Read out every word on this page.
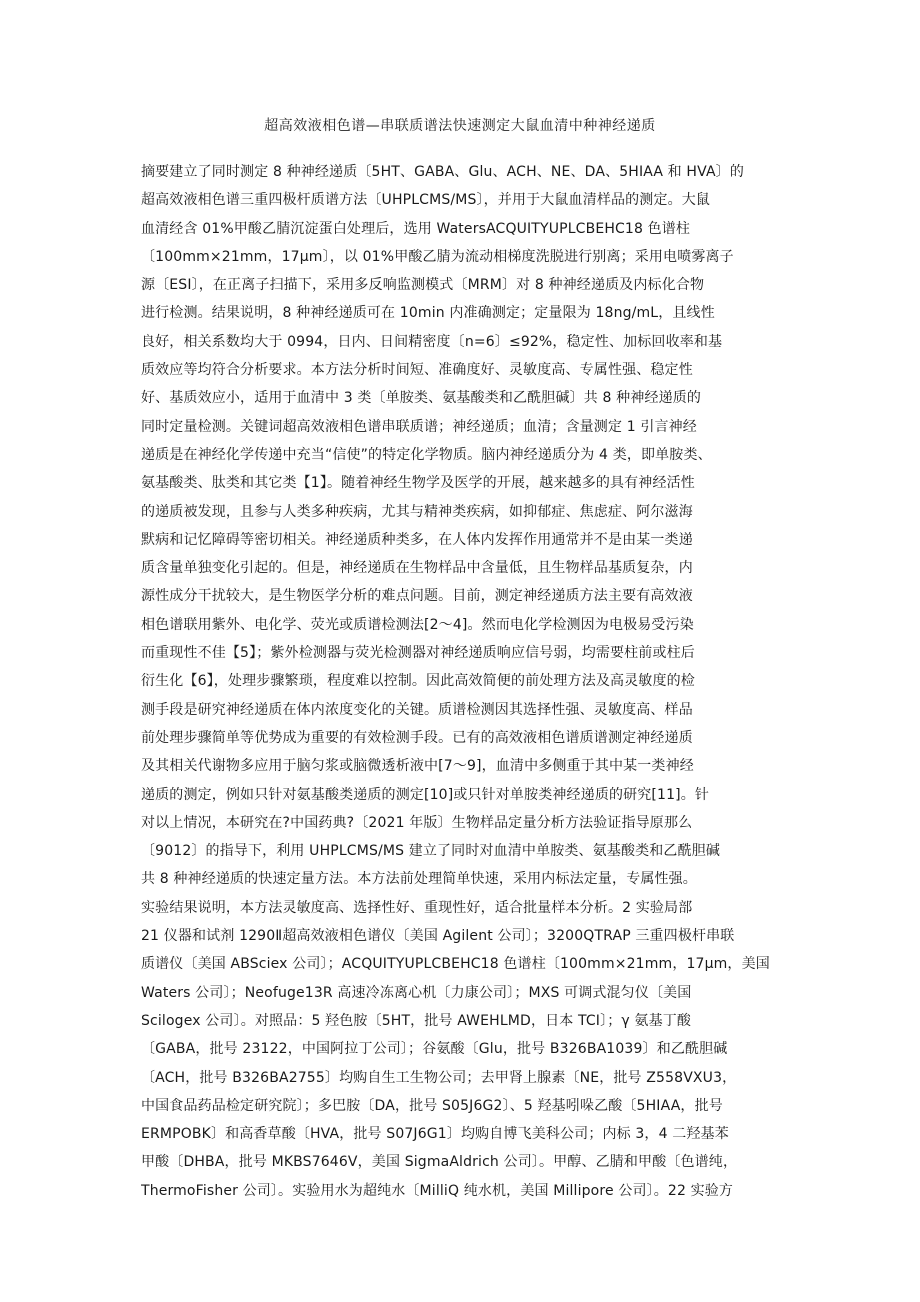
超高效液相色谱—串联质谱法快速测定大鼠血清中种神经递质
摘要建立了同时测定 8 种神经递质〔5HT、GABA、Glu、ACH、NE、DA、5HIAA 和 HVA〕的
超高效液相色谱三重四极杆质谱方法〔UHPLCMS/MS〕，并用于大鼠血清样品的测定。大鼠
血清经含 01%甲酸乙腈沉淀蛋白处理后，选用 WatersACQUITYUPLCBEHC18 色谱柱
〔100mm×21mm，17μm〕，以 01%甲酸乙腈为流动相梯度洗脱进行别离；采用电喷雾离子
源〔ESI〕，在正离子扫描下，采用多反响监测模式〔MRM〕对 8 种神经递质及内标化合物
进行检测。结果说明，8 种神经递质可在 10min 内准确测定；定量限为 18ng/mL，且线性
良好，相关系数均大于 0994，日内、日间精密度〔n=6〕≤92%，稳定性、加标回收率和基
质效应等均符合分析要求。本方法分析时间短、准确度好、灵敏度高、专属性强、稳定性
好、基质效应小，适用于血清中 3 类〔单胺类、氨基酸类和乙酰胆碱〕共 8 种神经递质的
同时定量检测。关键词超高效液相色谱串联质谱；神经递质；血清；含量测定 1 引言神经
递质是在神经化学传递中充当“信使”的特定化学物质。脑内神经递质分为 4 类，即单胺类、
氨基酸类、肽类和其它类【1】。随着神经生物学及医学的开展，越来越多的具有神经活性
的递质被发现，且参与人类多种疾病，尤其与精神类疾病，如抑郁症、焦虑症、阿尔滋海
默病和记忆障碍等密切相关。神经递质种类多，在人体内发挥作用通常并不是由某一类递
质含量单独变化引起的。但是，神经递质在生物样品中含量低，且生物样品基质复杂，内
源性成分干扰较大，是生物医学分析的难点问题。目前，测定神经递质方法主要有高效液
相色谱联用紫外、电化学、荧光或质谱检测法[2～4]。然而电化学检测因为电极易受污染
而重现性不佳【5】；紫外检测器与荧光检测器对神经递质响应信号弱，均需要柱前或柱后
衍生化【6】，处理步骤繁琐，程度难以控制。因此高效简便的前处理方法及高灵敏度的检
测手段是研究神经递质在体内浓度变化的关键。质谱检测因其选择性强、灵敏度高、样品
前处理步骤简单等优势成为重要的有效检测手段。已有的高效液相色谱质谱测定神经递质
及其相关代谢物多应用于脑匀浆或脑微透析液中[7～9]，血清中多侧重于其中某一类神经
递质的测定，例如只针对氨基酸类递质的测定[10]或只针对单胺类神经递质的研究[11]。针
对以上情况，本研究在?中国药典?〔2021 年版〕生物样品定量分析方法验证指导原那么
〔9012〕的指导下，利用 UHPLCMS/MS 建立了同时对血清中单胺类、氨基酸类和乙酰胆碱
共 8 种神经递质的快速定量方法。本方法前处理简单快速，采用内标法定量，专属性强。
实验结果说明，本方法灵敏度高、选择性好、重现性好，适合批量样本分析。2 实验局部
21 仪器和试剂 1290Ⅱ超高效液相色谱仪〔美国 Agilent 公司〕；3200QTRAP 三重四极杆串联
质谱仪〔美国 ABSciex 公司〕；ACQUITYUPLCBEHC18 色谱柱〔100mm×21mm，17μm，美国
Waters 公司〕；Neofuge13R 高速冷冻离心机〔力康公司〕；MXS 可调式混匀仪〔美国
Scilogex 公司〕。对照品：5 羟色胺〔5HT，批号 AWEHLMD，日本 TCI〕；γ 氨基丁酸
〔GABA，批号 23122，中国阿拉丁公司〕；谷氨酸〔Glu，批号 B326BA1039〕和乙酰胆碱
〔ACH，批号 B326BA2755〕均购自生工生物公司；去甲肾上腺素〔NE，批号 Z558VXU3，
中国食品药品检定研究院〕；多巴胺〔DA，批号 S05J6G2〕、5 羟基吲哚乙酸〔5HIAA，批号
ERMPOBK〕和高香草酸〔HVA，批号 S07J6G1〕均购自博飞美科公司；内标 3，4 二羟基苯
甲酸〔DHBA，批号 MKBS7646V，美国 SigmaAldrich 公司〕。甲醇、乙腈和甲酸〔色谱纯，
ThermoFisher 公司〕。实验用水为超纯水〔MilliQ 纯水机，美国 Millipore 公司〕。22 实验方
